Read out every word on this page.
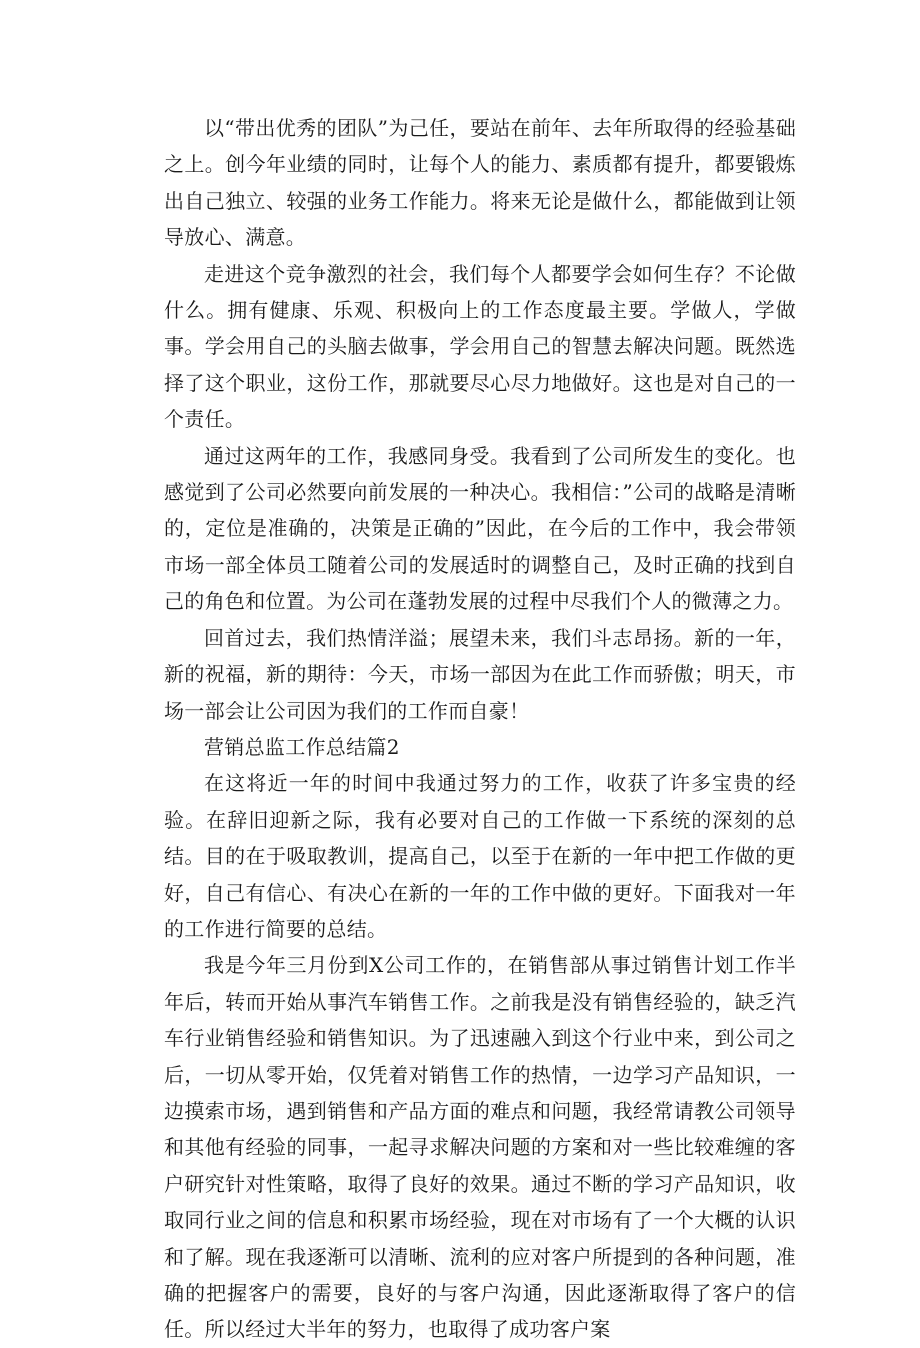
以“带出优秀的团队”为己任，要站在前年、去年所取得的经验基础之上。创今年业绩的同时，让每个人的能力、素质都有提升，都要锻炼出自己独立、较强的业务工作能力。将来无论是做什么，都能做到让领导放心、满意。

走进这个竞争激烈的社会，我们每个人都要学会如何生存？不论做什么。拥有健康、乐观、积极向上的工作态度最主要。学做人，学做事。学会用自己的头脑去做事，学会用自己的智慧去解决问题。既然选择了这个职业，这份工作，那就要尽心尽力地做好。这也是对自己的一个责任。

通过这两年的工作，我感同身受。我看到了公司所发生的变化。也感觉到了公司必然要向前发展的一种决心。我相信：”公司的战略是清晰的，定位是准确的，决策是正确的”因此，在今后的工作中，我会带领市场一部全体员工随着公司的发展适时的调整自己，及时正确的找到自己的角色和位置。为公司在蓬勃发展的过程中尽我们个人的微薄之力。

回首过去，我们热情洋溢；展望未来，我们斗志昂扬。新的一年，新的祝福，新的期待：今天，市场一部因为在此工作而骄傲；明天，市场一部会让公司因为我们的工作而自豪！

营销总监工作总结篇2

在这将近一年的时间中我通过努力的工作，收获了许多宝贵的经验。在辞旧迎新之际，我有必要对自己的工作做一下系统的深刻的总结。目的在于吸取教训，提高自己，以至于在新的一年中把工作做的更好，自己有信心、有决心在新的一年的工作中做的更好。下面我对一年的工作进行简要的总结。

我是今年三月份到X公司工作的，在销售部从事过销售计划工作半年后，转而开始从事汽车销售工作。之前我是没有销售经验的，缺乏汽车行业销售经验和销售知识。为了迅速融入到这个行业中来，到公司之后，一切从零开始，仅凭着对销售工作的热情，一边学习产品知识，一边摸索市场，遇到销售和产品方面的难点和问题，我经常请教公司领导和其他有经验的同事，一起寻求解决问题的方案和对一些比较难缠的客户研究针对性策略，取得了良好的效果。通过不断的学习产品知识，收取同行业之间的信息和积累市场经验，现在对市场有了一个大概的认识和了解。现在我逐渐可以清晰、流利的应对客户所提到的各种问题，准确的把握客户的需要，良好的与客户沟通，因此逐渐取得了客户的信任。所以经过大半年的努力，也取得了成功客户案
